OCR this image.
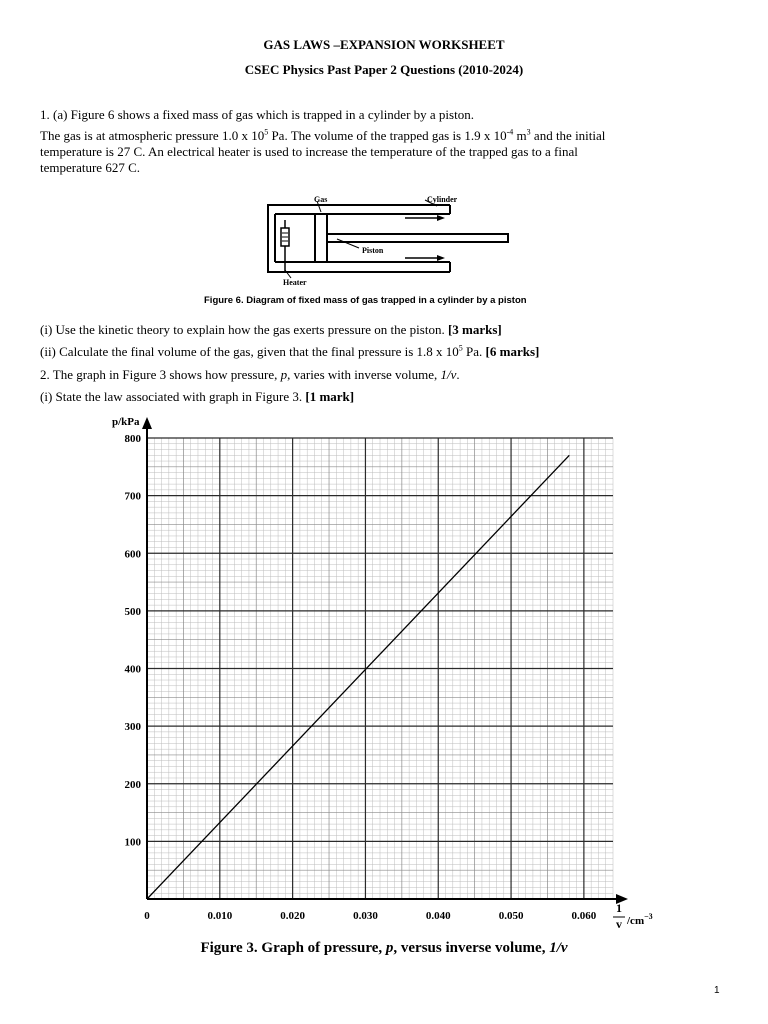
GAS LAWS –EXPANSION WORKSHEET
CSEC Physics Past Paper 2 Questions (2010-2024)
1. (a) Figure 6 shows a fixed mass of gas which is trapped in a cylinder by a piston.
The gas is at atmospheric pressure 1.0 x $10^5$ Pa. The volume of the trapped gas is 1.9 x $10^{-4}$ $m^3$ and the initial
temperature is 27 C. An electrical heater is used to increase the temperature of the trapped gas to a final
temperature 627 C.
Gas	Cylinder
Piston
Heater
Figure 6. Diagram of fixed mass of gas trapped in a cylinder by a piston
(i) Use the kinetic theory to explain how the gas exerts pressure on the piston. [3 marks]
(ii) Calculate the final volume of the gas, given that the final pressure is 1.8 x $10^5$ Pa. [6 marks]
2. The graph in Figure 3 shows how pressure, p, varies with inverse volume, 1/v.
(i) State the law associated with graph in Figure 3. [1 mark]
100
200
300
400
500
600
700
800
0	0.010	0.020	0.030	0.040	0.050	0.060
p/kPa
1
v $/cm^{-3}$
Figure 3. Graph of pressure, p, versus inverse volume, 1/v
1
